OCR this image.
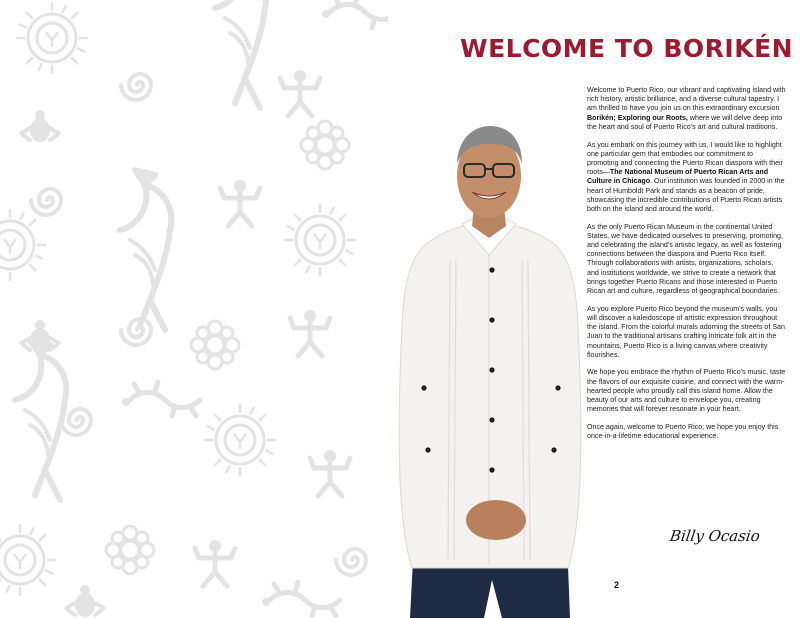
WELCOME TO BORIKÉN

Welcome to Puerto Rico, our vibrant and captivating island with rich history, artistic brilliance, and a diverse cultural tapestry. I am thrilled to have you join us on this extraordinary excursion Borikén; Exploring our Roots, where we will delve deep into the heart and soul of Puerto Rico's art and cultural traditions.

As you embark on this journey with us, I would like to highlight one particular gem that embodies our commitment to promoting and connecting the Puerto Rican diaspora with their roots—The National Museum of Puerto Rican Arts and Culture in Chicago. Our institution was founded in 2000 in the heart of Humboldt Park and stands as a beacon of pride, showcasing the incredible contributions of Puerto Rican artists both on the island and around the world.

As the only Puerto Rican Museum in the continental United States, we have dedicated ourselves to preserving, promoting, and celebrating the island's artistic legacy, as well as fostering connections between the diaspora and Puerto Rico itself. Through collaborations with artists, organizations, scholars, and institutions worldwide, we strive to create a network that brings together Puerto Ricans and those interested in Puerto Rican art and culture, regardless of geographical boundaries.

As you explore Puerto Rico beyond the museum's walls, you will discover a kaleidoscope of artistic expression throughout the island. From the colorful murals adorning the streets of San Juan to the traditional artisans crafting intricate folk art in the mountains, Puerto Rico is a living canvas where creativity flourishes.

We hope you embrace the rhythm of Puerto Rico's music, taste the flavors of our exquisite cuisine, and connect with the warm-hearted people who proudly call this island home. Allow the beauty of our arts and culture to envelope you, creating memories that will forever resonate in your heart.

Once again, welcome to Puerto Rico; we hope you enjoy this once-in-a-lifetime educational experience.

Billy Ocasio
2
